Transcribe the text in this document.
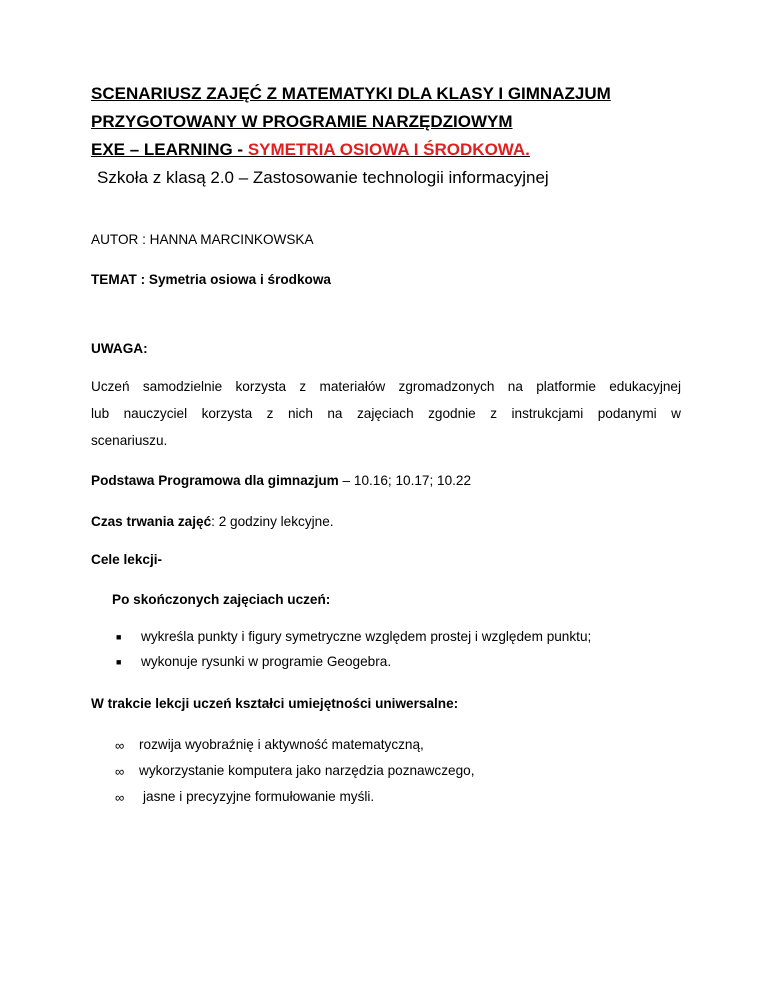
SCENARIUSZ ZAJĘĆ Z MATEMATYKI DLA KLASY I GIMNAZJUM
PRZYGOTOWANY W PROGRAMIE NARZĘDZIOWYM
EXE – LEARNING - SYMETRIA OSIOWA I ŚRODKOWA.
Szkoła z klasą 2.0 – Zastosowanie technologii informacyjnej
AUTOR : HANNA MARCINKOWSKA
TEMAT : Symetria osiowa i środkowa
UWAGA:
Uczeń samodzielnie korzysta z materiałów zgromadzonych na platformie edukacyjnej
lub nauczyciel korzysta z nich na zajęciach zgodnie z instrukcjami podanymi w
scenariuszu.
Podstawa Programowa dla gimnazjum – 10.16; 10.17; 10.22
Czas trwania zajęć: 2 godziny lekcyjne.
Cele lekcji-
Po skończonych zajęciach uczeń:
■ wykreśla punkty i figury symetryczne względem prostej i względem punktu;
■ wykonuje rysunki w programie Geogebra.
W trakcie lekcji uczeń kształci umiejętności uniwersalne:
∞ rozwija wyobraźnię i aktywność matematyczną,
∞ wykorzystanie komputera jako narzędzia poznawczego,
∞ jasne i precyzyjne formułowanie myśli.
